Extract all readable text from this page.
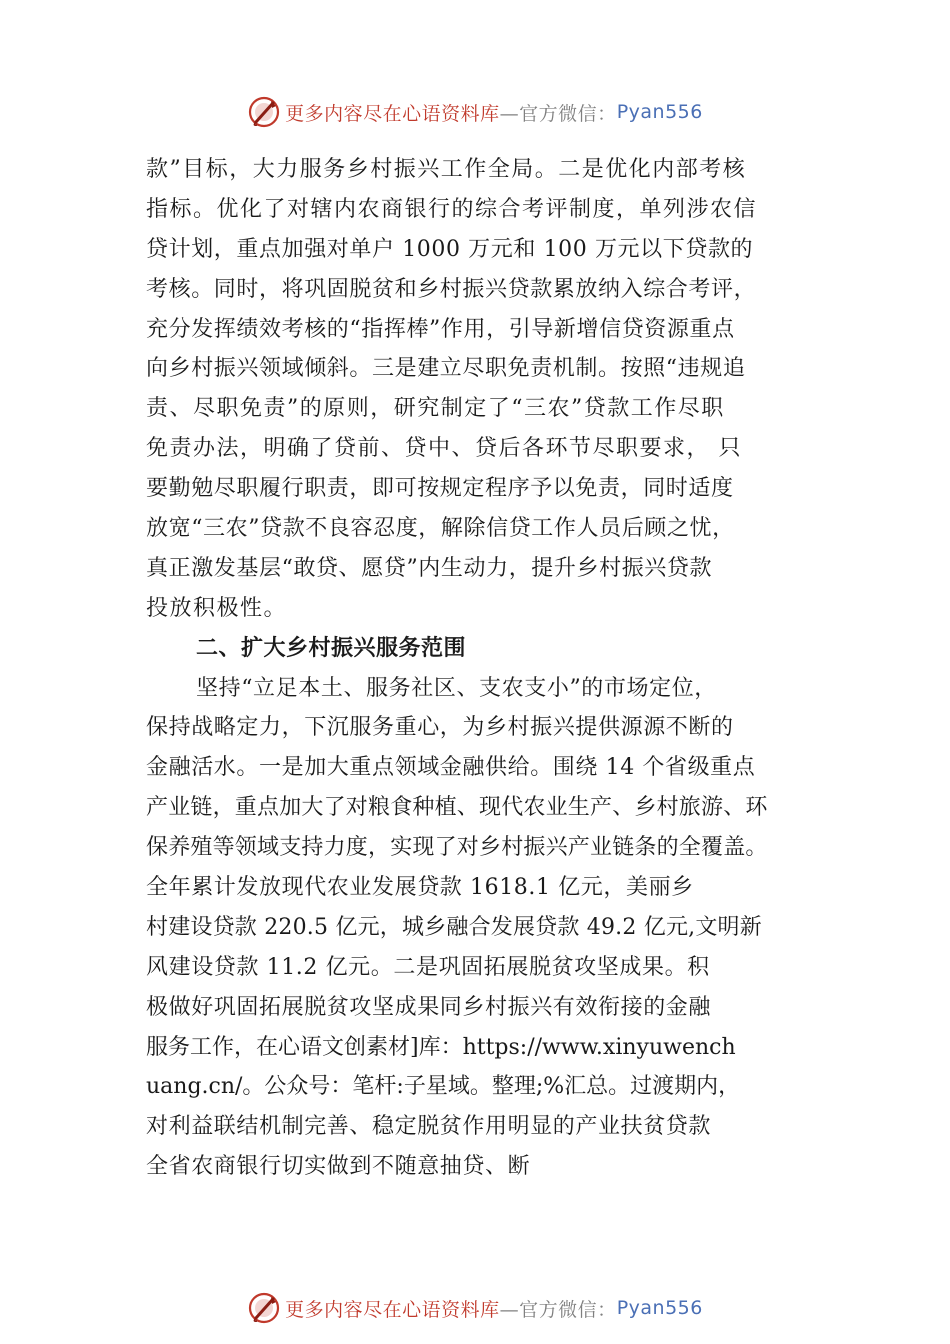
更多内容尽在心语资料库 —官方微信： Pyan556
款”目标，大力服务乡村振兴工作全局。二是优化内部考核
指标。优化了对辖内农商银行的综合考评制度，单列涉农信
贷计划，重点加强对单户 1000 万元和 100 万元以下贷款的
考核。同时，将巩固脱贫和乡村振兴贷款累放纳入综合考评，
充分发挥绩效考核的“指挥棒”作用，引导新增信贷资源重点
向乡村振兴领域倾斜。三是建立尽职免责机制。按照“违规追
责、尽职免责”的原则，研究制定了“三农”贷款工作尽职
免责办法，明确了贷前、贷中、贷后各环节尽职要求， 只
要勤勉尽职履行职责，即可按规定程序予以免责，同时适度
放宽“三农”贷款不良容忍度，解除信贷工作人员后顾之忧，
真正激发基层“敢贷、愿贷”内生动力，提升乡村振兴贷款
投放积极性。
二、扩大乡村振兴服务范围
坚持“立足本土、服务社区、支农支小”的市场定位，
保持战略定力，下沉服务重心，为乡村振兴提供源源不断的
金融活水。一是加大重点领域金融供给。围绕 14 个省级重点
产业链，重点加大了对粮食种植、现代农业生产、乡村旅游、环
保养殖等领域支持力度，实现了对乡村振兴产业链条的全覆盖。
全年累计发放现代农业发展贷款 1618.1 亿元，美丽乡
村建设贷款 220.5 亿元，城乡融合发展贷款 49.2 亿元,文明新
风建设贷款 11.2 亿元。二是巩固拓展脱贫攻坚成果。积
极做好巩固拓展脱贫攻坚成果同乡村振兴有效衔接的金融
服务工作，在心语文创素材]库：https://www.xinyuwench
uang.cn/。公众号：笔杆:子星域。整理;%汇总。过渡期内，
对利益联结机制完善、稳定脱贫作用明显的产业扶贫贷款
全省农商银行切实做到不随意抽贷、断
更多内容尽在心语资料库 —官方微信： Pyan556
